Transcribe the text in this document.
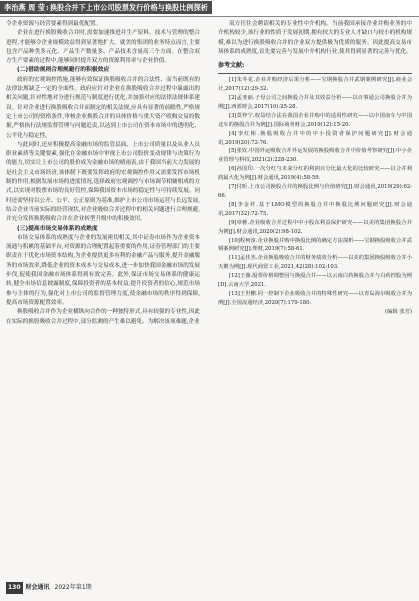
李治燕 周 莹:换股合并下上市公司股票发行价格与换股比例探析

令企业资源与经营要素得到最优配置。

企业在进行换股吸收合并时,需要加速推进并生产原料、技术与管理的整合进程,才能够令企业规模效益得到显著地扩大。就美的集团的业务特点而言,主要包含产品种类多元化、产品生产数量多、产品技术含量高三个方面。在整合双方生产要素的过程中,能够同时提升双方的资源利用率与企业价值。

(二)借助规则合理规避行的积极效应

政府的宏观调控措施,能够有效保证换股吸收合并的合法性、而当前既有的法律法规缺乏一定的全面性。政府应针对企业在换股吸收合并过程中暴露出的相关问题,针对性地对分进行规范与制度进行优化,并加强对应的法律法规体系建设。针对企业进行换股吸收合并而制定的相关法规,应具有显著的前瞻性,严格规定上市公司的资格条件,审核企业换股合并的具体价格与重大资产收购交易的数据,严格执行法规监督管理与问题追责,以达到上市公司在资本市场中的透明化、公平化与稳定性。

与此同时,还应积极提高金融市场的监管层面、上市公司质量以及从业人员职业素质等关键要素,强化在金融市场中审视上市公司股价变动规律与决策行为的能力,切实让上市公司的股价成为金融市场的晴雨表,由于我国当前大力发展的是社会主义市场经济,该体制下既要发挥政府的宏观调控作用又需要发挥市场机制的作用,根据发展市场的进度情况,选择政府宏观调控与市场调节相辅相成的方式,以实现对股票市场的良好管控,保障我国资本市场的稳定性与可持续发展。同时还需坚持以公开、公平、公正原则为基准,维护上市公司市场运营与长远发展,结合企业当前实际的经营现状,对企业吸收合并过程中的相关问题进行合理规避,并充分发挥换股吸收合并在企业转型升级中的积极效用。

(三)提高市场交易体系的成熟度

市场交易体系的成熟度与企业的发展密切相关,其中证券市场作为企业资本流通与积累的基础平台,对资源的合理配置起着重要的作用,证券管理部门的主要职责在于优化市场资本结构,为企业提供更多有利的金融产品与服务,提升金融服务的市场效率,降低企业的资本成本与交易成本,进一步加快我国金融市场的发展步伐,促使我国金融市场体系得到有效完善。此外,保证市场交易体系的健康运转,健全市场信息披露制度,保障投资者的基本权益,提升投资者的信心,规范市场参与主体的行为,强化对上市公司的监督管理力度,使金融市场的秩序得到保障,提高市场资源配置效率。

换股吸收合并作为企业横纵向合作的一种独特形式,具有较强的专业性,因此在实际的换股吸收合并过程中,部分监测的产生难以避免。为解决该项难题,企业

双方往往会聘请相关的专业性中介机构。当前我国承接企业并购业务的中介机构较少,该行业的性质于发展初期,拥有较大的专业人才缺口与较小的机构规模,难以为进行换股吸收合并的企业双方提供极为优质的服务。因此提高交易市场体系的成熟度,首先要完善与发展中介机构行业,使其得到显著的完善与优化。

参考文献:

[1]朱冬花.企业并购经济后果分析——宝钢换股合并武钢案例研究[J].商业会计,2017(12):29-32.

[2]孟亚丽.子母公司之间换股合并及其效益分析——以百事通公司换股合并为例[J].西部财会,2017(10):25-28.

[3]莫梓宁.权益结合法在我国企业并购中的适用性研究——以中国南车与中国北车的换股合并为例[J].国际商务财会,2019(12):15-20.

[4]李红彬.换股吸收合并中的中小投资者保护问题研究[J].财会通讯,2019(20):72-76.

[5]张钦.中国外运吸收合并外运发展的换股吸收合并中价值考察研究[J].中小企业管理与科技,2021(2):228-230.

[6]孙国印.一次分红与未来分红的利润百分比最大化的比较研究——以合并利润最大化为例[J].财会通讯,2019(4):58-59.

[7]付昕.上市公司换股合并的换股比例与价值研究[J].财会通讯,2019(29):62-66.

[8]李金祥.基于LMO模型的换股合并中换股比例问题研究[J].财会通讯,2017(32):72-75.

[9]章雅.企业吸收合并过程中中小股东利益保护研究——以美的集团换股合并为例[J].财会通讯,2020(2):98-102.

[10]程柯淳.企业换股并购中换股比例的确定方法探析——宝钢换股吸收合并武钢案例研究[J].理财,2019(7):58-61.

[11]孟佳杰.企业换股吸收合并的财务绩效分析——以美的集团换股吸收合并小天鹅为例[J].现代商贸工业,2021,42(28):102-103.

[12]王薇.股票价格调整因与换股合并——以云南白药换股合并与白药控股为例[D].云南大学,2021.

[13]王世鹏.同一控制下企业吸收合并的特殊性研究——以青岛海尔吸收合并为例[J].全国流通经济,2020(7):179-180.

(编辑 张芳)
130 财会通讯 2022年第1期
